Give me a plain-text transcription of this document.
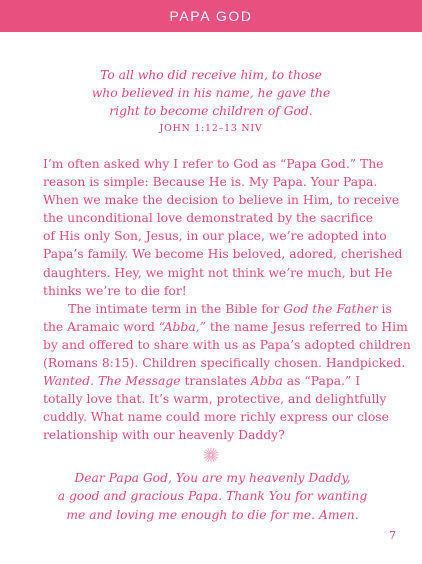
PAPA GOD
To all who did receive him, to those
who believed in his name, he gave the
right to become children of God.
JOHN 1:12–13 NIV
I’m often asked why I refer to God as “Papa God.” The
reason is simple: Because He is. My Papa. Your Papa.
When we make the decision to believe in Him, to receive
the unconditional love demonstrated by the sacrifice
of His only Son, Jesus, in our place, we’re adopted into
Papa’s family. We become His beloved, adored, cherished
daughters. Hey, we might not think we’re much, but He
thinks we’re to die for!
The intimate term in the Bible for God the Father is
the Aramaic word “Abba,” the name Jesus referred to Him
by and offered to share with us as Papa’s adopted children
(Romans 8:15). Children specifically chosen. Handpicked.
Wanted. The Message translates Abba as “Papa.” I
totally love that. It’s warm, protective, and delightfully
cuddly. What name could more richly express our close
relationship with our heavenly Daddy?
Dear Papa God, You are my heavenly Daddy,
a good and gracious Papa. Thank You for wanting
me and loving me enough to die for me. Amen.
7
